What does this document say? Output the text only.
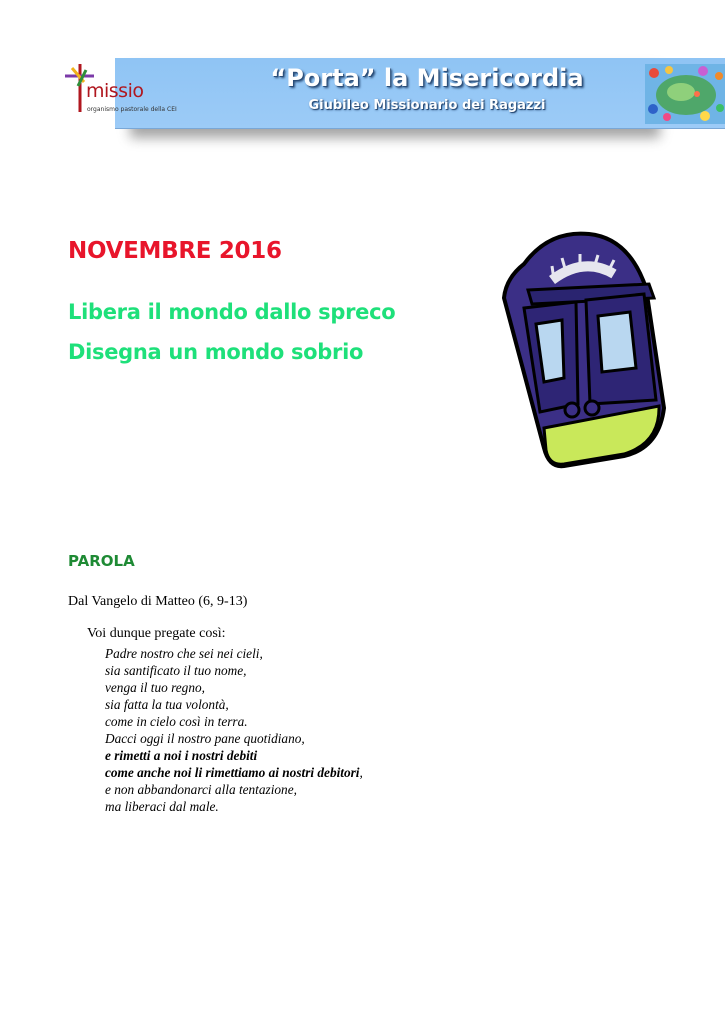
“Porta” la Misericordia
Giubileo Missionario dei Ragazzi
missio
organismo pastorale della CEI
NOVEMBRE 2016
Libera il mondo dallo spreco
Disegna un mondo sobrio
PAROLA
Dal Vangelo di Matteo (6, 9-13)
Voi dunque pregate così:
Padre nostro che sei nei cieli,
sia santificato il tuo nome,
venga il tuo regno,
sia fatta la tua volontà,
come in cielo così in terra.
Dacci oggi il nostro pane quotidiano,
e rimetti a noi i nostri debiti
come anche noi li rimettiamo ai nostri debitori,
e non abbandonarci alla tentazione,
ma liberaci dal male.
